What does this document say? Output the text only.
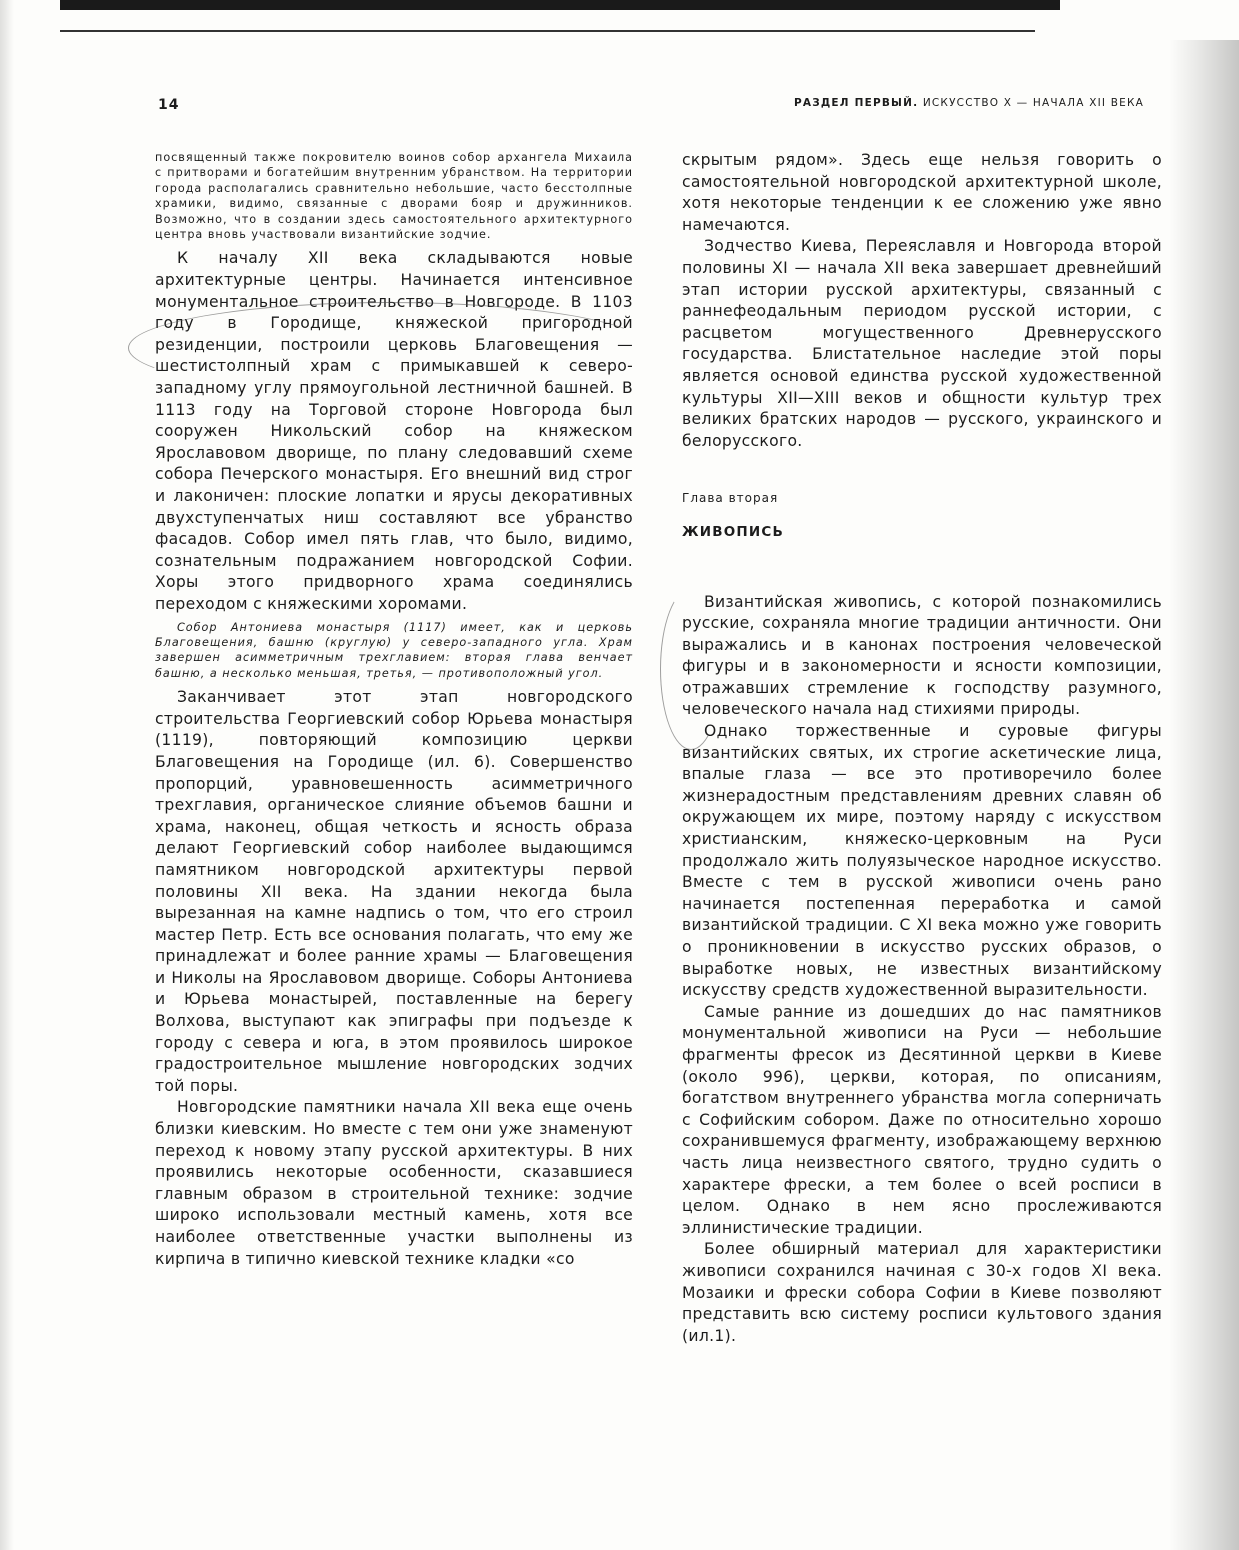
14	РАЗДЕЛ ПЕРВЫЙ. ИСКУССТВО X — НАЧАЛА XII ВЕКА

посвященный также покровителю воинов собор архангела Михаила с притворами и богатейшим внутренним убранством. На территории города располагались сравнительно небольшие, часто бесстолпные храмики, видимо, связанные с дворами бояр и дружинников. Возможно, что в создании здесь самостоятельного архитектурного центра вновь участвовали византийские зодчие.

К началу XII века складываются новые архитектурные центры. Начинается интенсивное монументальное строительство в Новгороде. В 1103 году в Городище, княжеской пригородной резиденции, построили церковь Благовещения — шестистолпный храм с примыкавшей к северо-западному углу прямоугольной лестничной башней. В 1113 году на Торговой стороне Новгорода был сооружен Никольский собор на княжеском Ярославовом дворище, по плану следовавший схеме собора Печерского монастыря. Его внешний вид строг и лаконичен: плоские лопатки и ярусы декоративных двухступенчатых ниш составляют все убранство фасадов. Собор имел пять глав, что было, видимо, сознательным подражанием новгородской Софии. Хоры этого придворного храма соединялись переходом с княжескими хоромами.

Собор Антониева монастыря (1117) имеет, как и церковь Благовещения, башню (круглую) у северо-западного угла. Храм завершен асимметричным трехглавием: вторая глава венчает башню, а несколько меньшая, третья, — противоположный угол.

Заканчивает этот этап новгородского строительства Георгиевский собор Юрьева монастыря (1119), повторяющий композицию церкви Благовещения на Городище (ил. 6). Совершенство пропорций, уравновешенность асимметричного трехглавия, органическое слияние объемов башни и храма, наконец, общая четкость и ясность образа делают Георгиевский собор наиболее выдающимся памятником новгородской архитектуры первой половины XII века. На здании некогда была вырезанная на камне надпись о том, что его строил мастер Петр. Есть все основания полагать, что ему же принадлежат и более ранние храмы — Благовещения и Николы на Ярославовом дворище. Соборы Антониева и Юрьева монастырей, поставленные на берегу Волхова, выступают как эпиграфы при подъезде к городу с севера и юга, в этом проявилось широкое градостроительное мышление новгородских зодчих той поры.

Новгородские памятники начала XII века еще очень близки киевским. Но вместе с тем они уже знаменуют переход к новому этапу русской архитектуры. В них проявились некоторые особенности, сказавшиеся главным образом в строительной технике: зодчие широко использовали местный камень, хотя все наиболее ответственные участки выполнены из кирпича в типично киевской технике кладки «со

скрытым рядом». Здесь еще нельзя говорить о самостоятельной новгородской архитектурной школе, хотя некоторые тенденции к ее сложению уже явно намечаются.

Зодчество Киева, Переяславля и Новгорода второй половины XI — начала XII века завершает древнейший этап истории русской архитектуры, связанный с раннефеодальным периодом русской истории, с расцветом могущественного Древнерусского государства. Блистательное наследие этой поры является основой единства русской художественной культуры XII—XIII веков и общности культур трех великих братских народов — русского, украинского и белорусского.

Глава вторая

ЖИВОПИСЬ

Византийская живопись, с которой познакомились русские, сохраняла многие традиции античности. Они выражались и в канонах построения человеческой фигуры и в закономерности и ясности композиции, отражавших стремление к господству разумного, человеческого начала над стихиями природы.

Однако торжественные и суровые фигуры византийских святых, их строгие аскетические лица, впалые глаза — все это противоречило более жизнерадостным представлениям древних славян об окружающем их мире, поэтому наряду с искусством христианским, княжеско-церковным на Руси продолжало жить полуязыческое народное искусство. Вместе с тем в русской живописи очень рано начинается постепенная переработка и самой византийской традиции. С XI века можно уже говорить о проникновении в искусство русских образов, о выработке новых, не известных византийскому искусству средств художественной выразительности.

Самые ранние из дошедших до нас памятников монументальной живописи на Руси — небольшие фрагменты фресок из Десятинной церкви в Киеве (около 996), церкви, которая, по описаниям, богатством внутреннего убранства могла соперничать с Софийским собором. Даже по относительно хорошо сохранившемуся фрагменту, изображающему верхнюю часть лица неизвестного святого, трудно судить о характере фрески, а тем более о всей росписи в целом. Однако в нем ясно прослеживаются эллинистические традиции.

Более обширный материал для характеристики живописи сохранился начиная с 30-х годов XI века. Мозаики и фрески собора Софии в Киеве позволяют представить всю систему росписи культового здания (ил.1).
